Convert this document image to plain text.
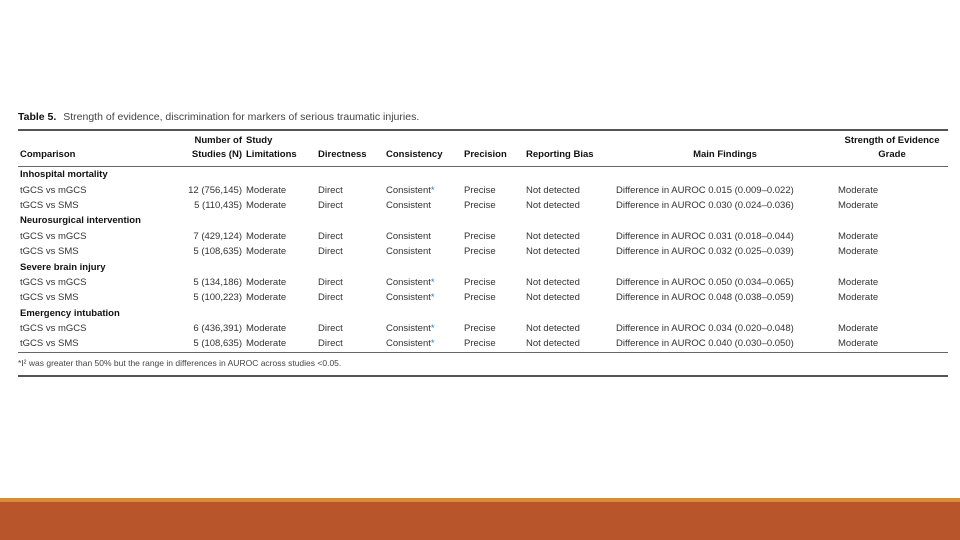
Table 5. Strength of evidence, discrimination for markers of serious traumatic injuries.
Comparison	Number of Studies (N)	Study Limitations	Directness	Consistency	Precision	Reporting Bias	Main Findings	Strength of Evidence Grade

Inhospital mortality								
tGCS vs mGCS	12 (756,145)	Moderate	Direct	Consistent*	Precise	Not detected	Difference in AUROC 0.015 (0.009–0.022)	Moderate
tGCS vs SMS	5 (110,435)	Moderate	Direct	Consistent	Precise	Not detected	Difference in AUROC 0.030 (0.024–0.036)	Moderate
Neurosurgical intervention								
tGCS vs mGCS	7 (429,124)	Moderate	Direct	Consistent	Precise	Not detected	Difference in AUROC 0.031 (0.018–0.044)	Moderate
tGCS vs SMS	5 (108,635)	Moderate	Direct	Consistent	Precise	Not detected	Difference in AUROC 0.032 (0.025–0.039)	Moderate
Severe brain injury								
tGCS vs mGCS	5 (134,186)	Moderate	Direct	Consistent*	Precise	Not detected	Difference in AUROC 0.050 (0.034–0.065)	Moderate
tGCS vs SMS	5 (100,223)	Moderate	Direct	Consistent*	Precise	Not detected	Difference in AUROC 0.048 (0.038–0.059)	Moderate
Emergency intubation								
tGCS vs mGCS	6 (436,391)	Moderate	Direct	Consistent*	Precise	Not detected	Difference in AUROC 0.034 (0.020–0.048)	Moderate
tGCS vs SMS	5 (108,635)	Moderate	Direct	Consistent*	Precise	Not detected	Difference in AUROC 0.040 (0.030–0.050)	Moderate
*I² was greater than 50% but the range in differences in AUROC across studies <0.05.
